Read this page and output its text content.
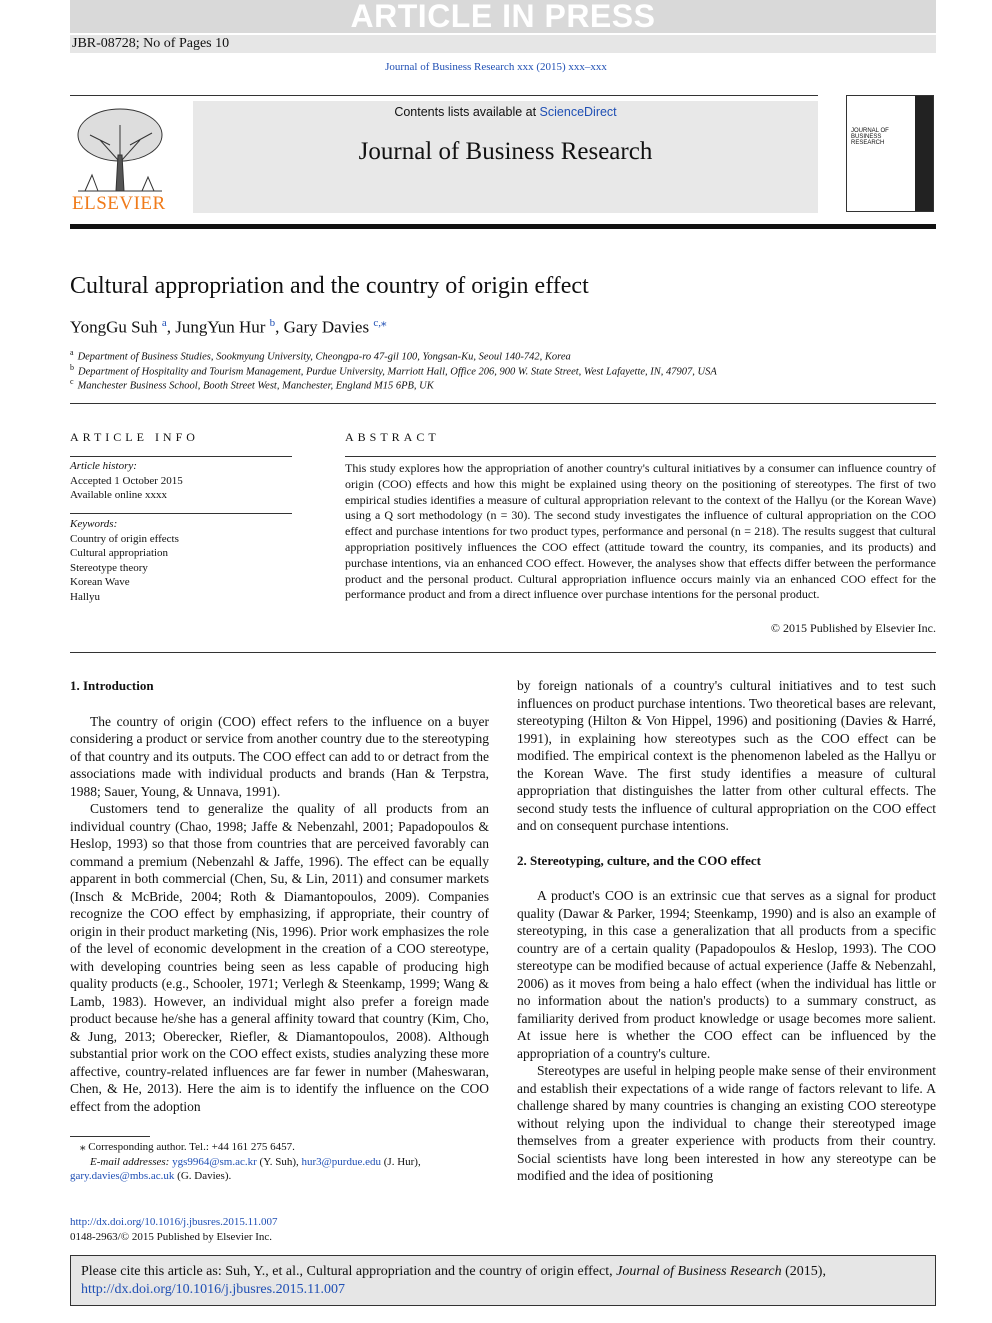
ARTICLE IN PRESS
JBR-08728; No of Pages 10
Journal of Business Research xxx (2015) xxx–xxx
ELSEVIER
Contents lists available at ScienceDirect
Journal of Business Research
JOURNAL OF BUSINESS RESEARCH
Cultural appropriation and the country of origin effect
YongGu Suh $^a$, JungYun Hur $^b$, Gary Davies $^{c,⁎}$
$^a$ Department of Business Studies, Sookmyung University, Cheongpa-ro 47-gil 100, Yongsan-Ku, Seoul 140-742, Korea
$^b$ Department of Hospitality and Tourism Management, Purdue University, Marriott Hall, Office 206, 900 W. State Street, West Lafayette, IN, 47907, USA
$^c$ Manchester Business School, Booth Street West, Manchester, England M15 6PB, UK
ARTICLE INFO
Article history:
Accepted 1 October 2015
Available online xxxx
Keywords:
Country of origin effects
Cultural appropriation
Stereotype theory
Korean Wave
Hallyu
ABSTRACT
This study explores how the appropriation of another country's cultural initiatives by a consumer can influence country of origin (COO) effects and how this might be explained using theory on the positioning of stereotypes. The first of two empirical studies identifies a measure of cultural appropriation relevant to the context of the Hallyu (or the Korean Wave) using a Q sort methodology (n = 30). The second study investigates the influence of cultural appropriation on the COO effect and purchase intentions for two product types, performance and personal (n = 218). The results suggest that cultural appropriation positively influences the COO effect (attitude toward the country, its companies, and its products) and purchase intentions, via an enhanced COO effect. However, the analyses show that effects differ between the performance product and the personal product. Cultural appropriation influence occurs mainly via an enhanced COO effect for the performance product and from a direct influence over purchase intentions for the personal product.
© 2015 Published by Elsevier Inc.

1. Introduction

The country of origin (COO) effect refers to the influence on a buyer considering a product or service from another country due to the stereotyping of that country and its outputs. The COO effect can add to or detract from the associations made with individual products and brands (Han & Terpstra, 1988; Sauer, Young, & Unnava, 1991).

Customers tend to generalize the quality of all products from an individual country (Chao, 1998; Jaffe & Nebenzahl, 2001; Papadopoulos & Heslop, 1993) so that those from countries that are perceived favorably can command a premium (Nebenzahl & Jaffe, 1996). The effect can be equally apparent in both commercial (Chen, Su, & Lin, 2011) and consumer markets (Insch & McBride, 2004; Roth & Diamantopoulos, 2009). Companies recognize the COO effect by emphasizing, if appropriate, their country of origin in their product marketing (Nis, 1996). Prior work emphasizes the role of the level of economic development in the creation of a COO stereotype, with developing countries being seen as less capable of producing high quality products (e.g., Schooler, 1971; Verlegh & Steenkamp, 1999; Wang & Lamb, 1983). However, an individual might also prefer a foreign made product because he/she has a general affinity toward that country (Kim, Cho, & Jung, 2013; Oberecker, Riefler, & Diamantopoulos, 2008). Although substantial prior work on the COO effect exists, studies analyzing these more affective, country-related influences are far fewer in number (Maheswaran, Chen, & He, 2013). Here the aim is to identify the influence on the COO effect from the adoption

by foreign nationals of a country's cultural initiatives and to test such influences on product purchase intentions. Two theoretical bases are relevant, stereotyping (Hilton & Von Hippel, 1996) and positioning (Davies & Harré, 1991), in explaining how stereotypes such as the COO effect can be modified. The empirical context is the phenomenon labeled as the Hallyu or the Korean Wave. The first study identifies a measure of cultural appropriation that distinguishes the latter from other cultural effects. The second study tests the influence of cultural appropriation on the COO effect and on consequent purchase intentions.

2. Stereotyping, culture, and the COO effect

A product's COO is an extrinsic cue that serves as a signal for product quality (Dawar & Parker, 1994; Steenkamp, 1990) and is also an example of stereotyping, in this case a generalization that all products from a specific country are of a certain quality (Papadopoulos & Heslop, 1993). The COO stereotype can be modified because of actual experience (Jaffe & Nebenzahl, 2006) as it moves from being a halo effect (when the individual has little or no information about the nation's products) to a summary construct, as familiarity derived from product knowledge or usage becomes more salient. At issue here is whether the COO effect can be influenced by the appropriation of a country's culture.

Stereotypes are useful in helping people make sense of their environment and establish their expectations of a wide range of factors relevant to life. A challenge shared by many countries is changing an existing COO stereotype without relying upon the individual to change their stereotyped image themselves from a greater experience with products from their country. Social scientists have long been interested in how any stereotype can be modified and the idea of positioning

⁎ Corresponding author. Tel.: +44 161 275 6457.
E-mail addresses: ygs9964@sm.ac.kr (Y. Suh), hur3@purdue.edu (J. Hur),
gary.davies@mbs.ac.uk (G. Davies).
http://dx.doi.org/10.1016/j.jbusres.2015.11.007
0148-2963/© 2015 Published by Elsevier Inc.
Please cite this article as: Suh, Y., et al., Cultural appropriation and the country of origin effect, Journal of Business Research (2015), http://dx.doi.org/10.1016/j.jbusres.2015.11.007
